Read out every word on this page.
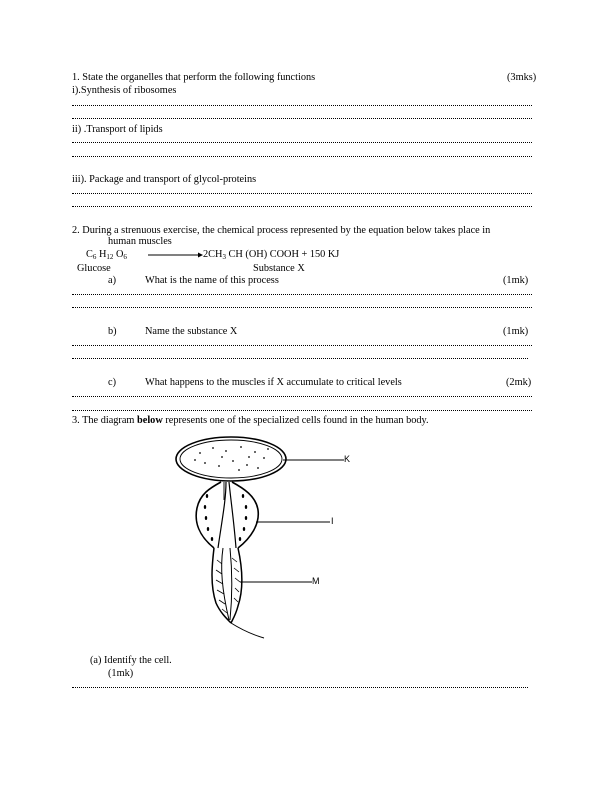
1. State the organelles that perform the following functions	(3mks)
i).Synthesis of ribosomes
ii) .Transport of lipids
iii). Package and transport of glycol-proteins
2. During a strenuous exercise, the chemical process represented by the equation below takes place in
human muscles
$C_6$ $H_{12}$ $O_6$	$2CH_3$ CH (OH) COOH + 150 KJ
Glucose	Substance X
a)	What is the name of this process	(1mk)
b)	Name the substance X	(1mk)
c)	What happens to the muscles if X accumulate to critical levels	(2mk)
3. The diagram below represents one of the specialized cells found in the human body.
K
I
M
(a) Identify the cell.
(1mk)
